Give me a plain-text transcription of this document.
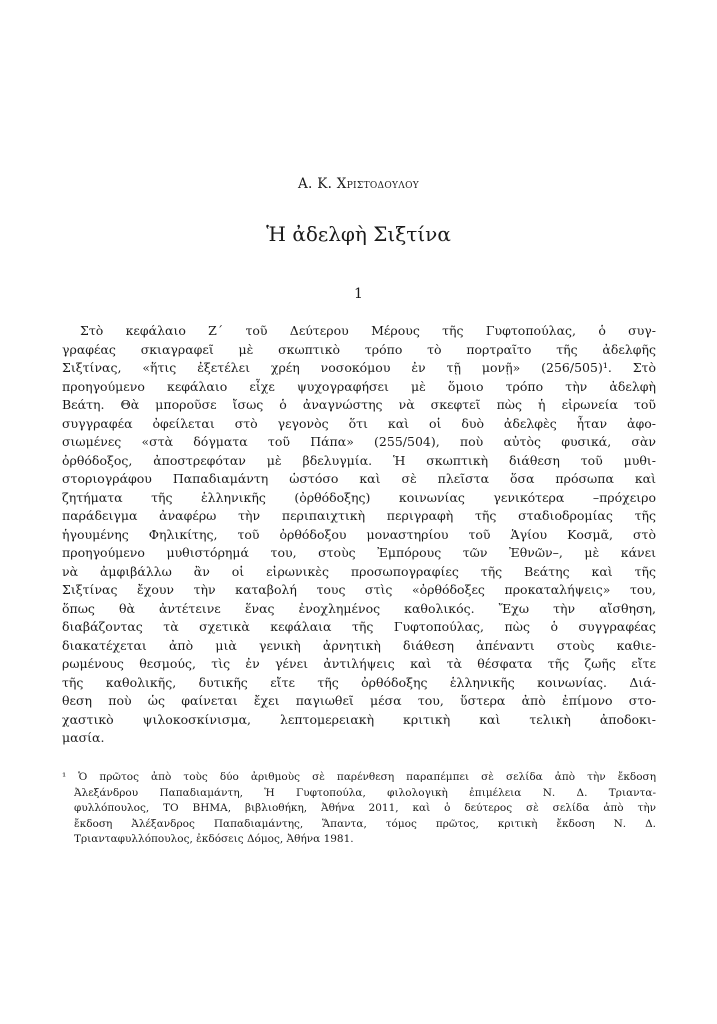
Α. Κ. Χριστοδουλου
Ἡ ἀδελφὴ Σιξτίνα
1
Στὸ κεφάλαιο Ζ΄ τοῦ Δεύτερου Μέρους τῆς Γυφτοπούλας, ὁ συγ-
γραφέας σκιαγραφεῖ μὲ σκωπτικὸ τρόπο τὸ πορτραῖτο τῆς ἀδελφῆς
Σιξτίνας, «ἥτις ἐξετέλει χρέη νοσοκόμου ἐν τῇ μονῇ» (256/505)¹. Στὸ
προηγούμενο κεφάλαιο εἶχε ψυχογραφήσει μὲ ὅμοιο τρόπο τὴν ἀδελφὴ
Βεάτη. Θὰ μποροῦσε ἴσως ὁ ἀναγνώστης νὰ σκεφτεῖ πὼς ἡ εἰρωνεία τοῦ
συγγραφέα ὀφείλεται στὸ γεγονὸς ὅτι καὶ οἱ δυὸ ἀδελφὲς ἦταν ἀφο-
σιωμένες «στὰ δόγματα τοῦ Πάπα» (255/504), ποὺ αὐτὸς φυσικά, σὰν
ὀρθόδοξος, ἀποστρεφόταν μὲ βδελυγμία. Ἡ σκωπτικὴ διάθεση τοῦ μυθι-
στοριογράφου Παπαδιαμάντη ὡστόσο καὶ σὲ πλεῖστα ὅσα πρόσωπα καὶ
ζητήματα τῆς ἑλληνικῆς (ὀρθόδοξης) κοινωνίας γενικότερα –πρόχειρο
παράδειγμα ἀναφέρω τὴν περιπαιχτικὴ περιγραφὴ τῆς σταδιοδρομίας τῆς
ἡγουμένης Φηλικίτης, τοῦ ὀρθόδοξου μοναστηρίου τοῦ Ἁγίου Κοσμᾶ, στὸ
προηγούμενο μυθιστόρημά του, στοὺς Ἐμπόρους τῶν Ἐθνῶν–, μὲ κάνει
νὰ ἀμφιβάλλω ἂν οἱ εἰρωνικὲς προσωπογραφίες τῆς Βεάτης καὶ τῆς
Σιξτίνας ἔχουν τὴν καταβολή τους στὶς «ὀρθόδοξες προκαταλήψεις» του,
ὅπως θὰ ἀντέτεινε ἕνας ἐνοχλημένος καθολικός. Ἔχω τὴν αἴσθηση,
διαβάζοντας τὰ σχετικὰ κεφάλαια τῆς Γυφτοπούλας, πὼς ὁ συγγραφέας
διακατέχεται ἀπὸ μιὰ γενικὴ ἀρνητικὴ διάθεση ἀπέναντι στοὺς καθιε-
ρωμένους θεσμούς, τὶς ἐν γένει ἀντιλήψεις καὶ τὰ θέσφατα τῆς ζωῆς εἴτε
τῆς καθολικῆς, δυτικῆς εἴτε τῆς ὀρθόδοξης ἑλληνικῆς κοινωνίας. Διά-
θεση ποὺ ὡς φαίνεται ἔχει παγιωθεῖ μέσα του, ὕστερα ἀπὸ ἐπίμονο στο-
χαστικὸ ψιλοκοσκίνισμα, λεπτομερειακὴ κριτικὴ καὶ τελικὴ ἀποδοκι-
μασία.
¹ Ὁ πρῶτος ἀπὸ τοὺς δύο ἀριθμοὺς σὲ παρένθεση παραπέμπει σὲ σελίδα ἀπὸ τὴν ἔκδοση
Ἀλεξάνδρου Παπαδιαμάντη, Ἡ Γυφτοπούλα, φιλολογικὴ ἐπιμέλεια Ν. Δ. Τριαντα-
φυλλόπουλος, ΤΟ ΒΗΜΑ, βιβλιοθήκη, Ἀθήνα 2011, καὶ ὁ δεύτερος σὲ σελίδα ἀπὸ τὴν
ἔκδοση Ἀλέξανδρος Παπαδιαμάντης, Ἅπαντα, τόμος πρῶτος, κριτικὴ ἔκδοση Ν. Δ.
Τριανταφυλλόπουλος, ἐκδόσεις Δόμος, Ἀθήνα 1981.
